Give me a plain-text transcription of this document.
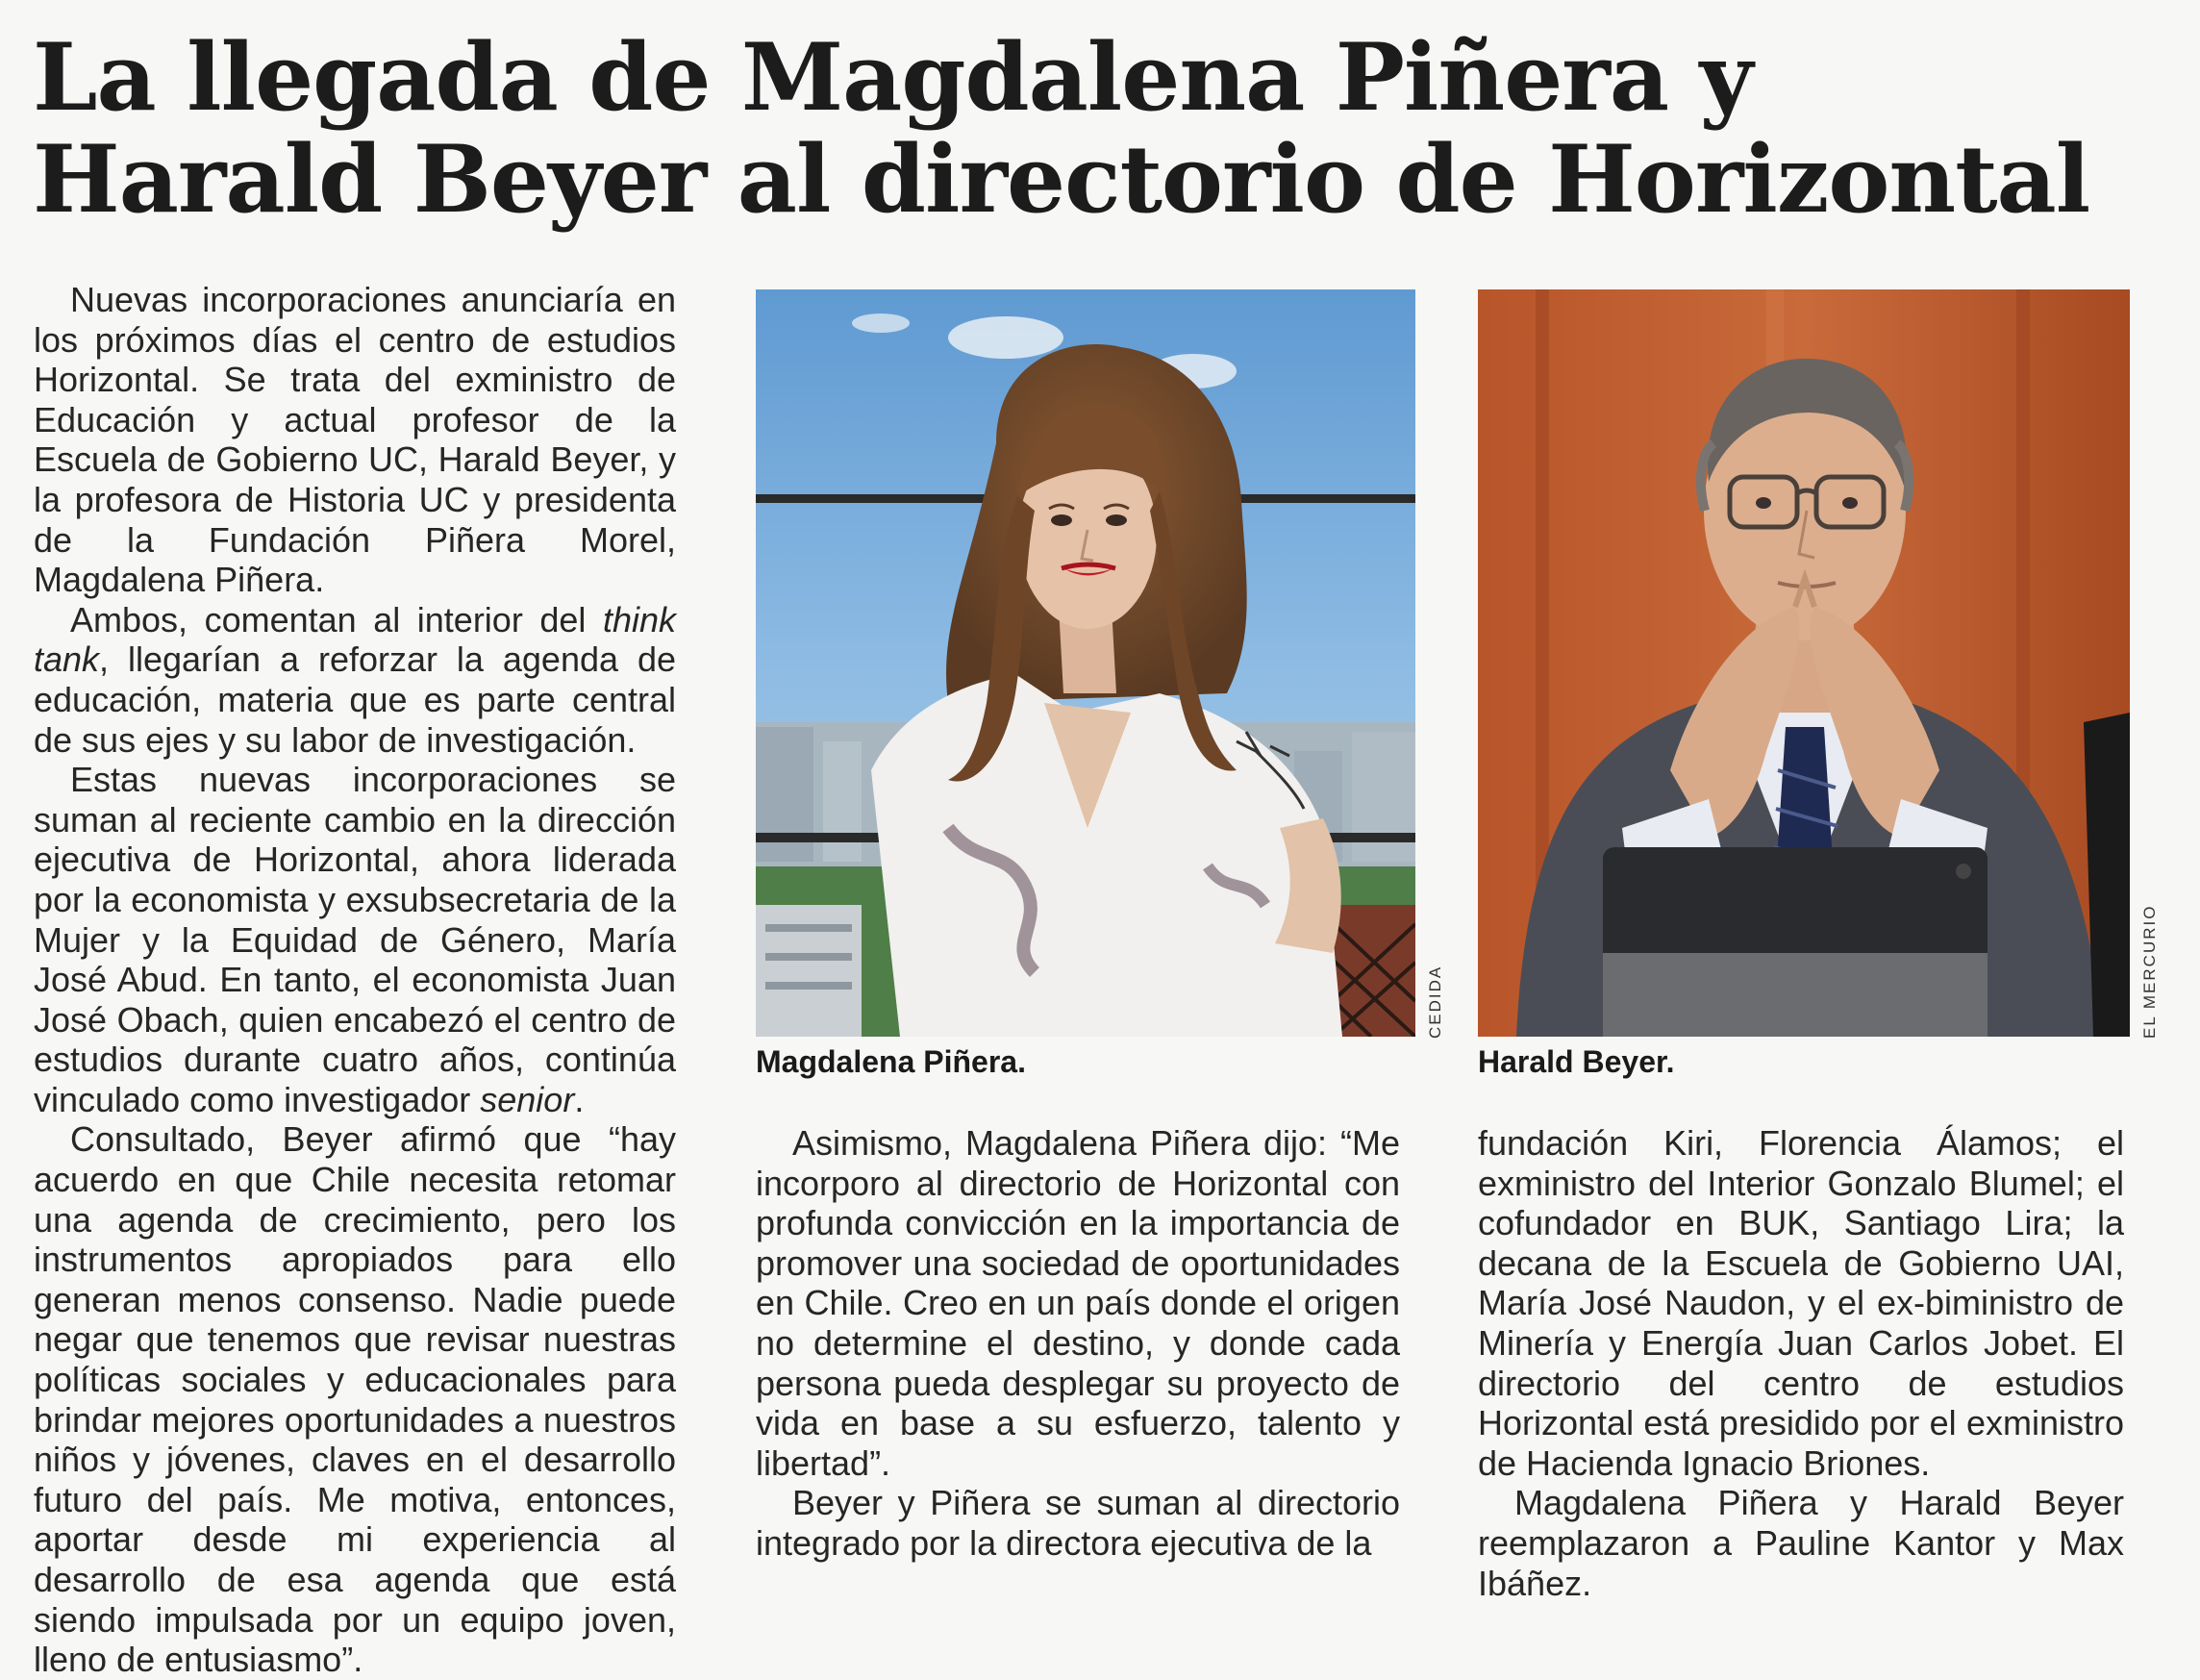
La llegada de Magdalena Piñera y
Harald Beyer al directorio de Horizontal

Nuevas incorporaciones anunciaría en los próximos días el centro de estudios Horizontal. Se trata del exministro de Educación y actual profesor de la Escuela de Gobierno UC, Harald Beyer, y la profesora de Historia UC y presidenta de la Fundación Piñera Morel, Magdalena Piñera.

Ambos, comentan al interior del think tank, llegarían a reforzar la agenda de educación, materia que es parte central de sus ejes y su labor de investigación.

Estas nuevas incorporaciones se suman al reciente cambio en la dirección ejecutiva de Horizontal, ahora liderada por la economista y exsubsecretaria de la Mujer y la Equidad de Género, María José Abud. En tanto, el economista Juan José Obach, quien encabezó el centro de estudios durante cuatro años, continúa vinculado como investigador senior.

Consultado, Beyer afirmó que “hay acuerdo en que Chile necesita retomar una agenda de crecimiento, pero los instrumentos apropiados para ello generan menos consenso. Nadie puede negar que tenemos que revisar nuestras políticas sociales y educacionales para brindar mejores oportunidades a nuestros niños y jóvenes, claves en el desarrollo futuro del país. Me motiva, entonces, aportar desde mi experiencia al desarrollo de esa agenda que está siendo impulsada por un equipo joven, lleno de entusiasmo”.

CEDIDA
Magdalena Piñera.
EL MERCURIO
Harald Beyer.

Asimismo, Magdalena Piñera dijo: “Me incorporo al directorio de Horizontal con profunda convicción en la importancia de promover una sociedad de oportunidades en Chile. Creo en un país donde el origen no determine el destino, y donde cada persona pueda desplegar su proyecto de vida en base a su esfuerzo, talento y libertad”.

Beyer y Piñera se suman al directorio integrado por la directora ejecutiva de la

fundación Kiri, Florencia Álamos; el exministro del Interior Gonzalo Blumel; el cofundador en BUK, Santiago Lira; la decana de la Escuela de Gobierno UAI, María José Naudon, y el ex-biministro de Minería y Energía Juan Carlos Jobet. El directorio del centro de estudios Horizontal está presidido por el exministro de Hacienda Ignacio Briones.

Magdalena Piñera y Harald Beyer reemplazaron a Pauline Kantor y Max Ibáñez.
